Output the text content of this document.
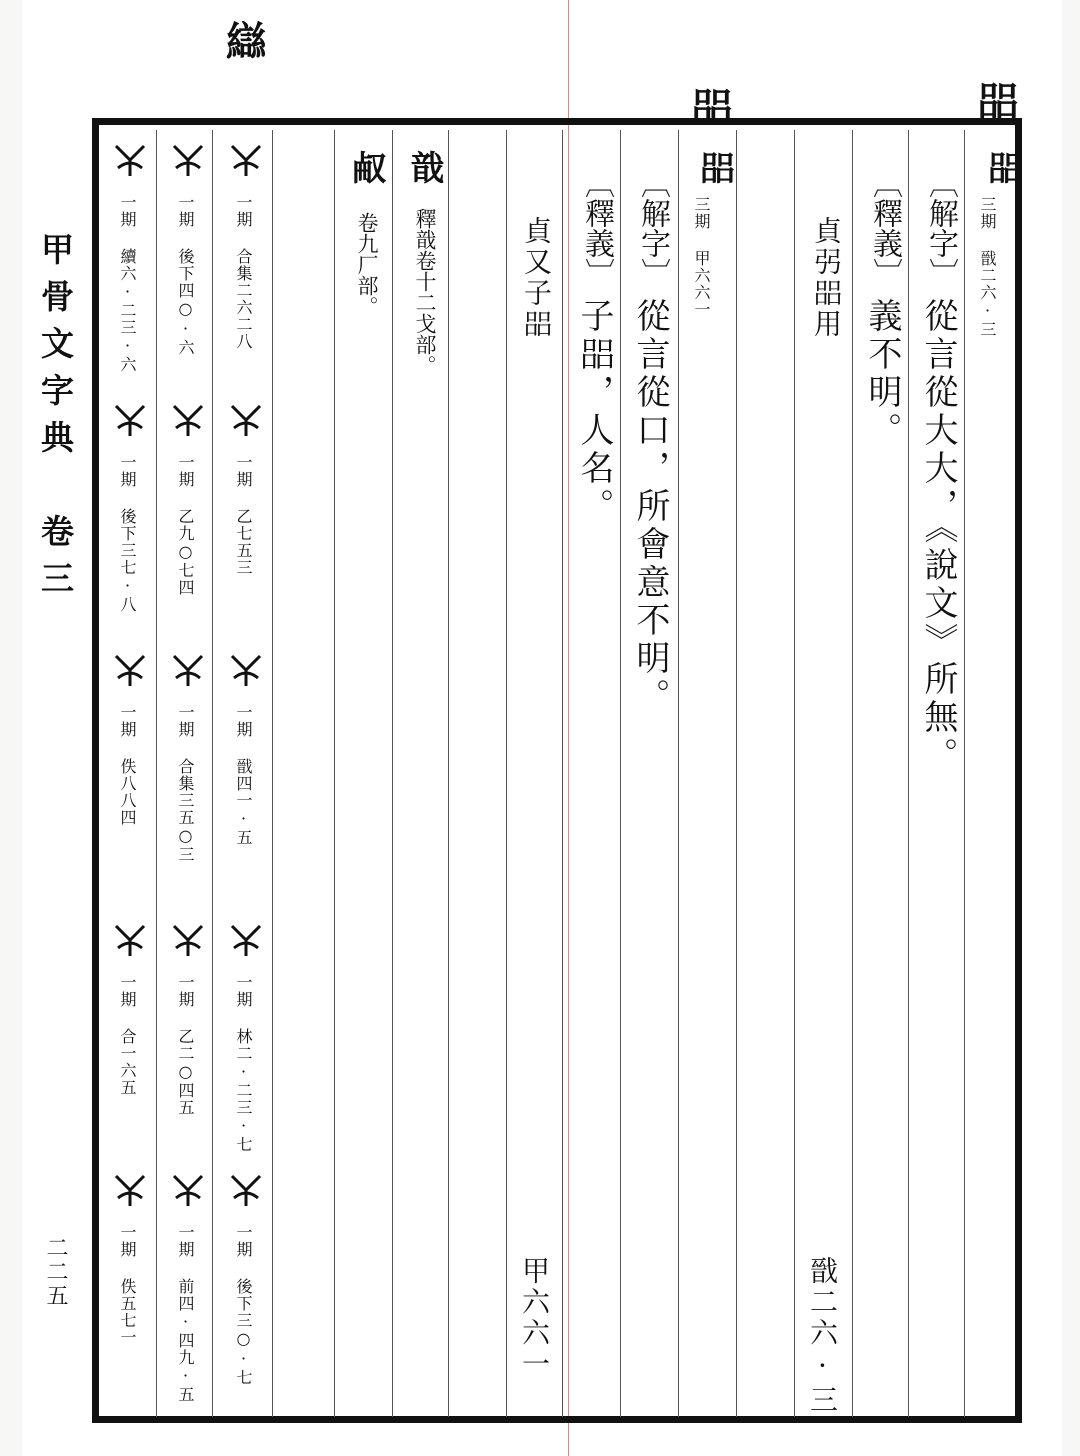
甲骨文字典　卷三
二二五
䜌
㗊	㗊
㗊
三期 戩二六·三
〔解字〕
從言從大大，《說文》所無。
〔釋義〕
義不明。
貞弜㗊用
戩二六·三
㗊
三期 甲六六一
〔解字〕
從言從口，所會意不明。
〔釋義〕
子㗊，人名。
貞又子㗊
甲六六一
戠
釋戠卷十二戈部。
㕟
卷九厂部。
一期 合集二六二八
一期 乙七五三
一期 戩四一·五
一期 林二·二三·七
一期 後下三○·七
一期 後下四○·六
一期 乙九○七四
一期 合集三五○三
一期 乙二○四五
一期 前四·四九·五
一期 續六·二三·六
一期 後下三七·八
一期 佚八八四
一期 合一六五
一期 佚五七一
